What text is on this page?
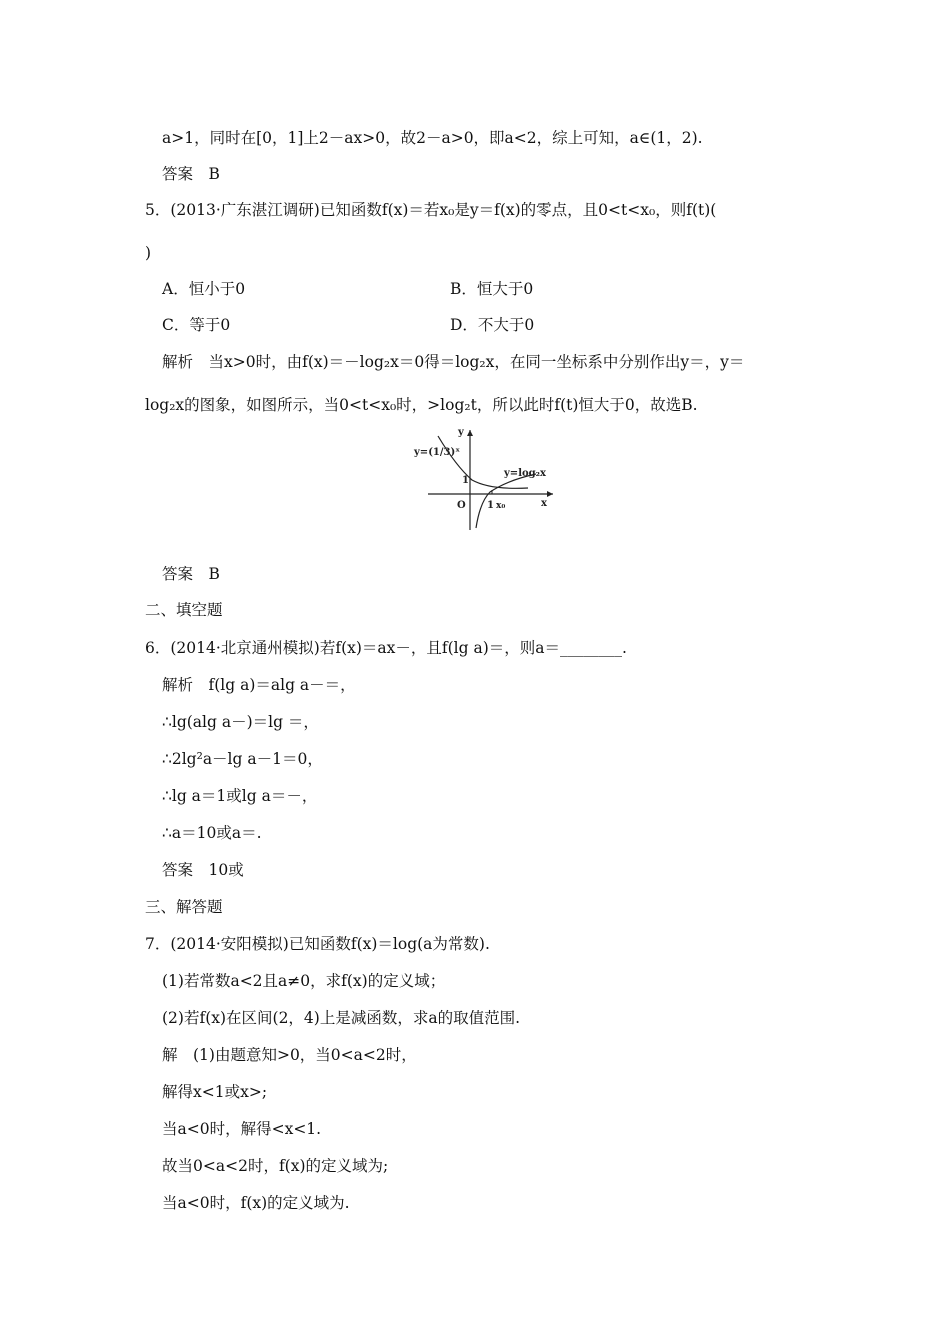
a>1，同时在[0，1]上2－ax>0，故2－a>0，即a<2，综上可知，a∈(1，2).
答案　B
5．(2013·广东湛江调研)已知函数f(x)＝若x₀是y＝f(x)的零点，且0<t<x₀，则f(t)(
)
A．恒小于0	B．恒大于0
C．等于0	D．不大于0
解析　当x>0时，由f(x)＝－log₂x＝0得＝log₂x，在同一坐标系中分别作出y＝，y＝
log₂x的图象，如图所示，当0<t<x₀时，>log₂t，所以此时f(t)恒大于0，故选B.
y=(1/3)ˣ
y=log₂x
y
x
O
1
1 x₀
答案　B
二、填空题
6．(2014·北京通州模拟)若f(x)＝ax－，且f(lg a)＝，则a＝________.
解析　f(lg a)＝alg a－＝，
∴lg(alg a－)＝lg ＝，
∴2lg²a－lg a－1＝0，
∴lg a＝1或lg a＝－，
∴a＝10或a＝.
答案　10或
三、解答题
7．(2014·安阳模拟)已知函数f(x)＝log(a为常数).
(1)若常数a<2且a≠0，求f(x)的定义域；
(2)若f(x)在区间(2，4)上是减函数，求a的取值范围.
解　(1)由题意知>0，当0<a<2时，
解得x<1或x>;
当a<0时，解得<x<1.
故当0<a<2时，f(x)的定义域为;
当a<0时，f(x)的定义域为.
